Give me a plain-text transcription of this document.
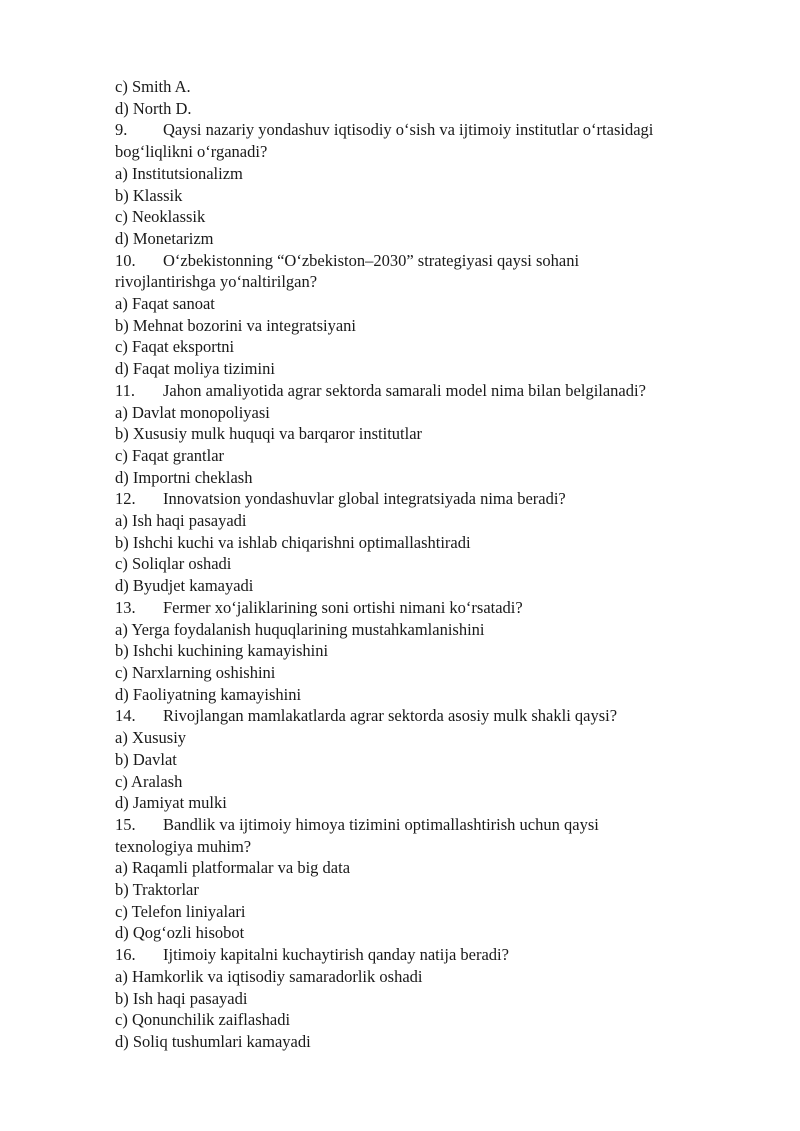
c) Smith A.
d) North D.
9. Qaysi nazariy yondashuv iqtisodiy o‘sish va ijtimoiy institutlar o‘rtasidagi
bog‘liqlikni o‘rganadi?
a) Institutsionalizm
b) Klassik
c) Neoklassik
d) Monetarizm
10. O‘zbekistonning “O‘zbekiston–2030” strategiyasi qaysi sohani
rivojlantirishga yo‘naltirilgan?
a) Faqat sanoat
b) Mehnat bozorini va integratsiyani
c) Faqat eksportni
d) Faqat moliya tizimini
11. Jahon amaliyotida agrar sektorda samarali model nima bilan belgilanadi?
a) Davlat monopoliyasi
b) Xususiy mulk huquqi va barqaror institutlar
c) Faqat grantlar
d) Importni cheklash
12. Innovatsion yondashuvlar global integratsiyada nima beradi?
a) Ish haqi pasayadi
b) Ishchi kuchi va ishlab chiqarishni optimallashtiradi
c) Soliqlar oshadi
d) Byudjet kamayadi
13. Fermer xo‘jaliklarining soni ortishi nimani ko‘rsatadi?
a) Yerga foydalanish huquqlarining mustahkamlanishini
b) Ishchi kuchining kamayishini
c) Narxlarning oshishini
d) Faoliyatning kamayishini
14. Rivojlangan mamlakatlarda agrar sektorda asosiy mulk shakli qaysi?
a) Xususiy
b) Davlat
c) Aralash
d) Jamiyat mulki
15. Bandlik va ijtimoiy himoya tizimini optimallashtirish uchun qaysi
texnologiya muhim?
a) Raqamli platformalar va big data
b) Traktorlar
c) Telefon liniyalari
d) Qog‘ozli hisobot
16. Ijtimoiy kapitalni kuchaytirish qanday natija beradi?
a) Hamkorlik va iqtisodiy samaradorlik oshadi
b) Ish haqi pasayadi
c) Qonunchilik zaiflashadi
d) Soliq tushumlari kamayadi
